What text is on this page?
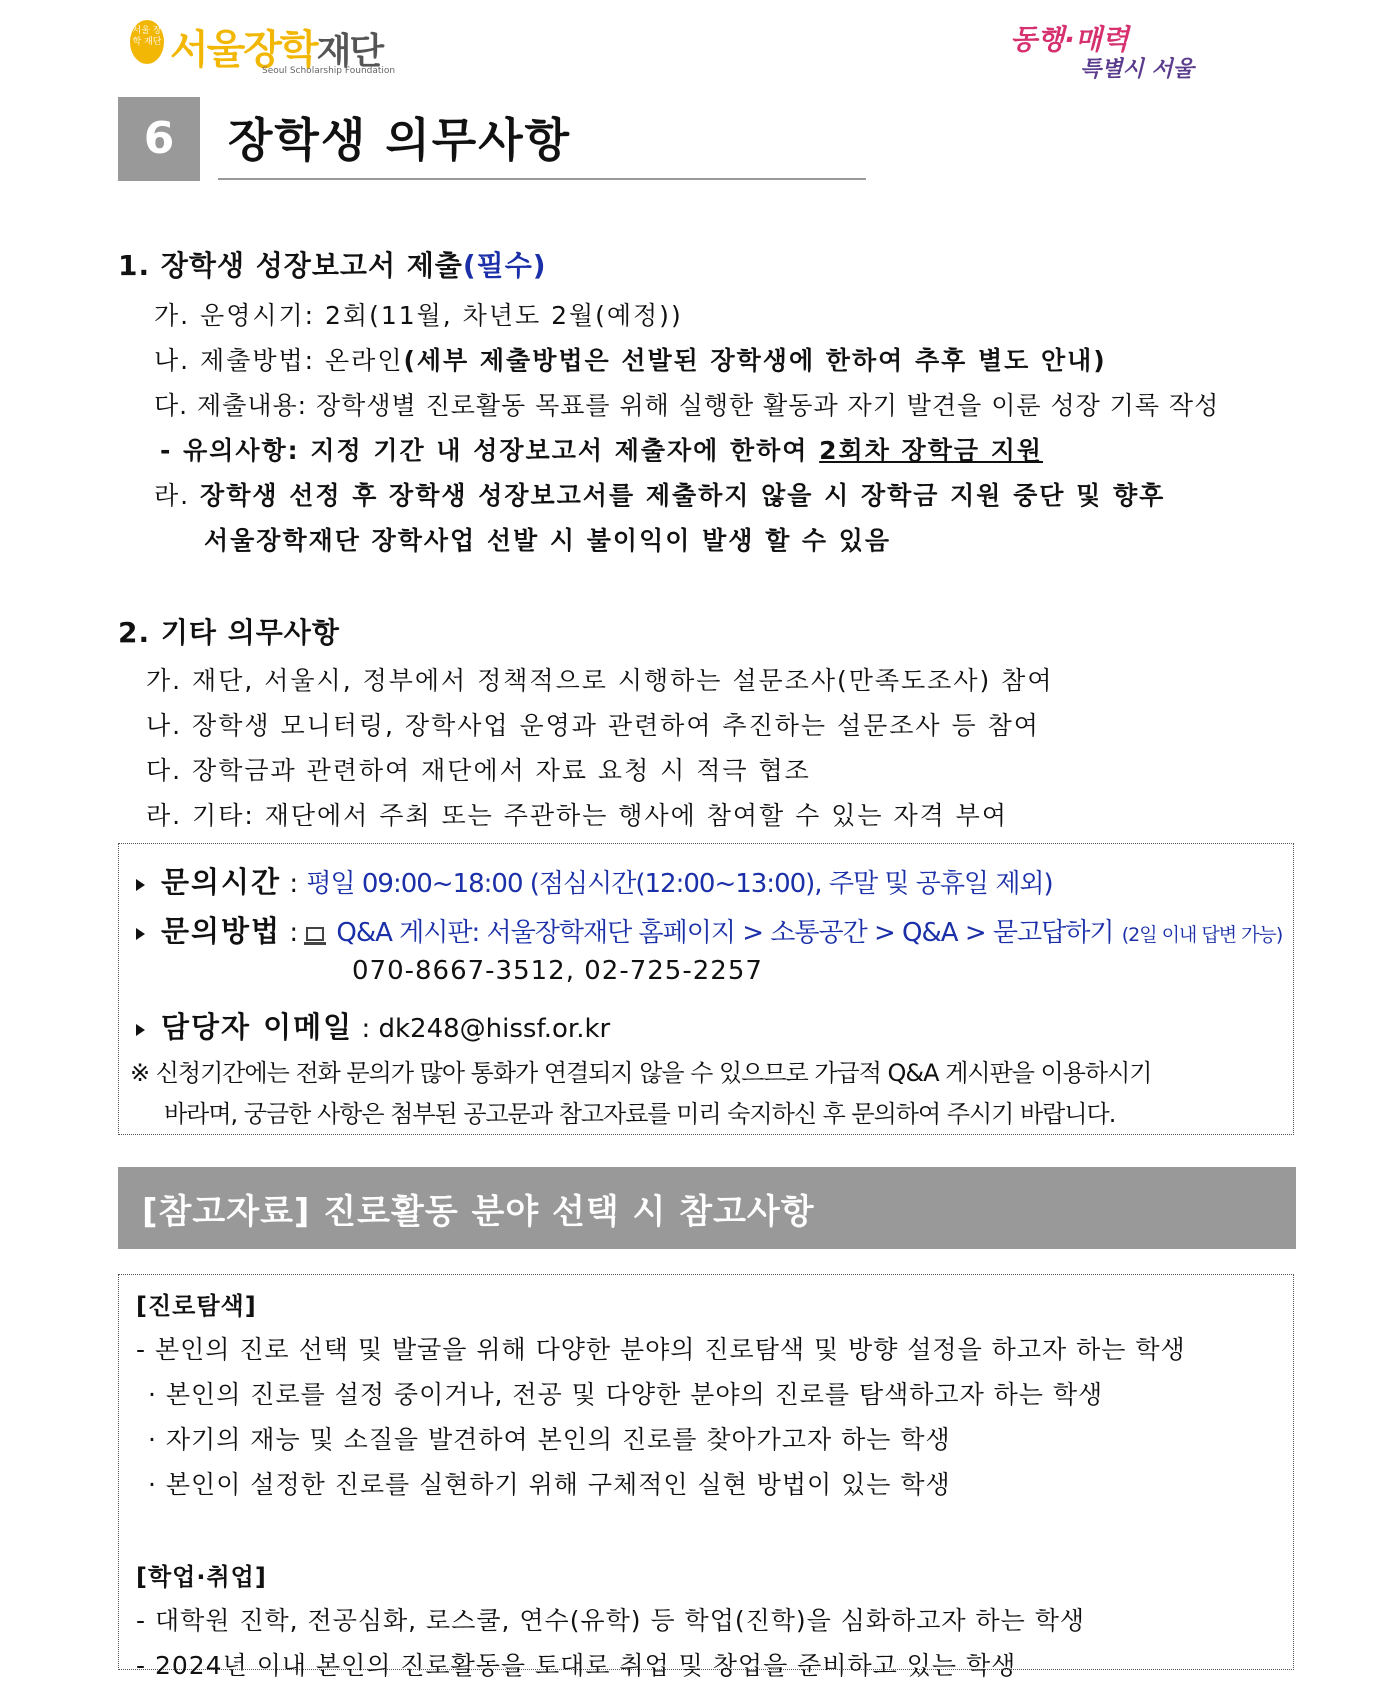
서울 장학 재단 서울장학재단
Seoul Scholarship Foundation
동행·매력
특별시 서울
6	장학생 의무사항
1. 장학생 성장보고서 제출(필수)
가. 운영시기: 2회(11월, 차년도 2월(예정))
나. 제출방법: 온라인(세부 제출방법은 선발된 장학생에 한하여 추후 별도 안내)
다. 제출내용: 장학생별 진로활동 목표를 위해 실행한 활동과 자기 발견을 이룬 성장 기록 작성
- 유의사항: 지정 기간 내 성장보고서 제출자에 한하여 2회차 장학금 지원
라. 장학생 선정 후 장학생 성장보고서를 제출하지 않을 시 장학금 지원 중단 및 향후
서울장학재단 장학사업 선발 시 불이익이 발생 할 수 있음
2. 기타 의무사항
가. 재단, 서울시, 정부에서 정책적으로 시행하는 설문조사(만족도조사) 참여
나. 장학생 모니터링, 장학사업 운영과 관련하여 추진하는 설문조사 등 참여
다. 장학금과 관련하여 재단에서 자료 요청 시 적극 협조
라. 기타: 재단에서 주최 또는 주관하는 행사에 참여할 수 있는 자격 부여
문의시간 : 평일 09:00~18:00 (점심시간(12:00~13:00), 주말 및 공휴일 제외)
문의방법 : Q&A 게시판: 서울장학재단 홈페이지 > 소통공간 > Q&A > 묻고답하기 (2일 이내 답변 가능)
070-8667-3512, 02-725-2257
담당자 이메일 : dk248@hissf.or.kr
※ 신청기간에는 전화 문의가 많아 통화가 연결되지 않을 수 있으므로 가급적 Q&A 게시판을 이용하시기
바라며, 궁금한 사항은 첨부된 공고문과 참고자료를 미리 숙지하신 후 문의하여 주시기 바랍니다.
[참고자료] 진로활동 분야 선택 시 참고사항
[진로탐색]
- 본인의 진로 선택 및 발굴을 위해 다양한 분야의 진로탐색 및 방향 설정을 하고자 하는 학생
· 본인의 진로를 설정 중이거나, 전공 및 다양한 분야의 진로를 탐색하고자 하는 학생
· 자기의 재능 및 소질을 발견하여 본인의 진로를 찾아가고자 하는 학생
· 본인이 설정한 진로를 실현하기 위해 구체적인 실현 방법이 있는 학생
[학업·취업]
- 대학원 진학, 전공심화, 로스쿨, 연수(유학) 등 학업(진학)을 심화하고자 하는 학생
- 2024년 이내 본인의 진로활동을 토대로 취업 및 창업을 준비하고 있는 학생
